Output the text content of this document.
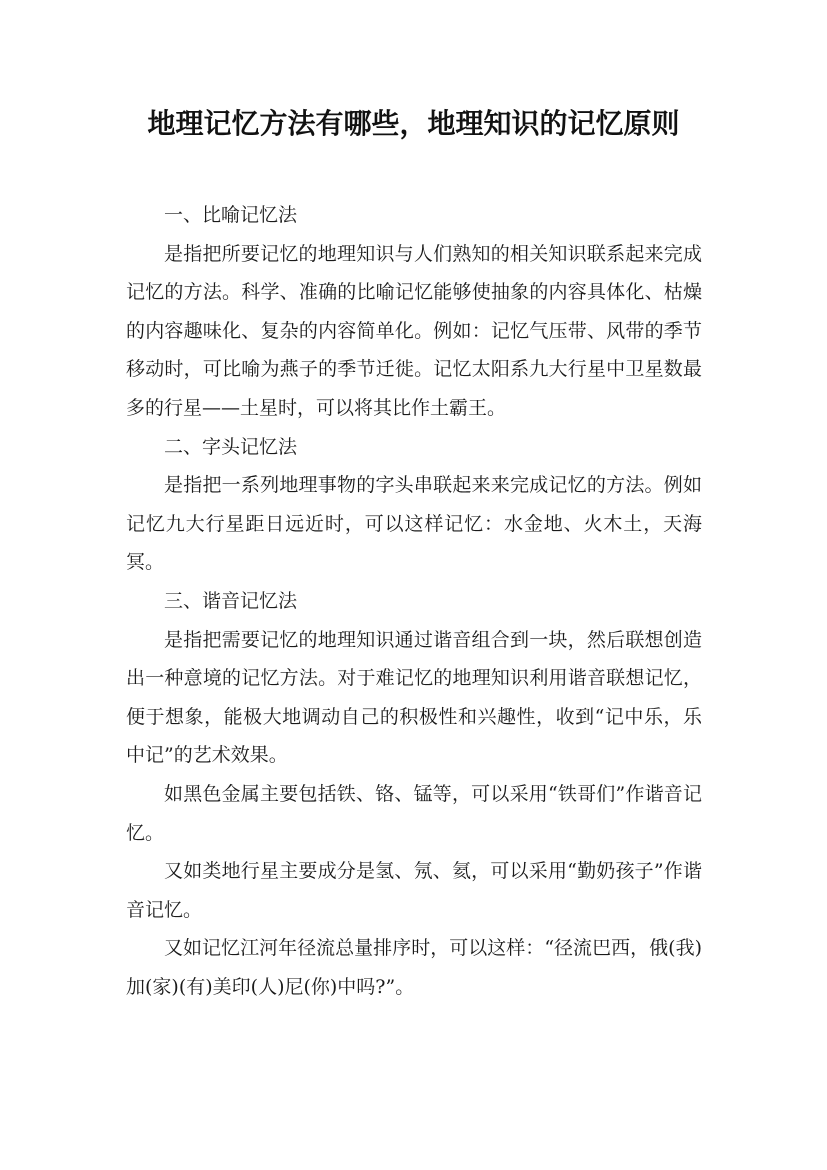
地理记忆方法有哪些，地理知识的记忆原则

一、比喻记忆法

是指把所要记忆的地理知识与人们熟知的相关知识联系起来完成记忆的方法。科学、准确的比喻记忆能够使抽象的内容具体化、枯燥的内容趣味化、复杂的内容简单化。例如：记忆气压带、风带的季节移动时，可比喻为燕子的季节迁徙。记忆太阳系九大行星中卫星数最多的行星——土星时，可以将其比作土霸王。

二、字头记忆法

是指把一系列地理事物的字头串联起来来完成记忆的方法。例如记忆九大行星距日远近时，可以这样记忆：水金地、火木土，天海冥。

三、谐音记忆法

是指把需要记忆的地理知识通过谐音组合到一块，然后联想创造出一种意境的记忆方法。对于难记忆的地理知识利用谐音联想记忆，便于想象，能极大地调动自己的积极性和兴趣性，收到“记中乐，乐中记”的艺术效果。

如黑色金属主要包括铁、铬、锰等，可以采用“铁哥们”作谐音记忆。

又如类地行星主要成分是氢、氖、氦，可以采用“勤奶孩子”作谐音记忆。

又如记忆江河年径流总量排序时，可以这样：“径流巴西，俄(我)加(家)(有)美印(人)尼(你)中吗?”。
